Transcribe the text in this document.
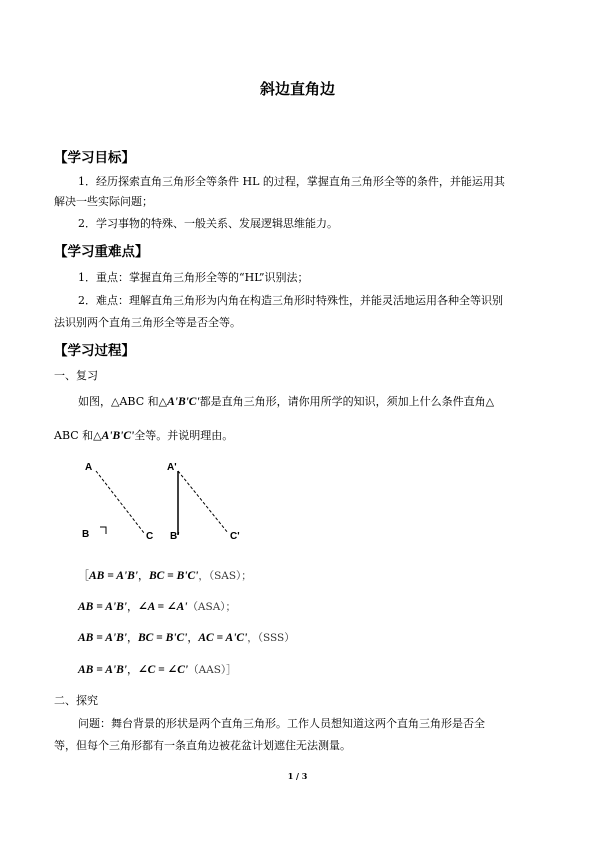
斜边直角边
【学习目标】
1．经历探索直角三角形全等条件 HL 的过程，掌握直角三角形全等的条件，并能运用其
解决一些实际问题；
2．学习事物的特殊、一般关系、发展逻辑思维能力。
【学习重难点】
1．重点：掌握直角三角形全等的“HL”识别法；
2．难点：理解直角三角形为内角在构造三角形时特殊性，并能灵活地运用各种全等识别
法识别两个直角三角形全等是否全等。
【学习过程】
一、复习
如图，△ABC 和△A'B'C'都是直角三角形，请你用所学的知识，须加上什么条件直角△
ABC 和△A'B'C'全等。并说明理由。
A
B	C
A'
B'	C'
［AB = A'B'，BC = B'C'，（SAS）；
AB = A'B'，∠A = ∠A'（ASA）；
AB = A'B'，BC = B'C'，AC = A'C'，（SSS）
AB = A'B'，∠C = ∠C'（AAS）］
二、探究
问题：舞台背景的形状是两个直角三角形。工作人员想知道这两个直角三角形是否全
等，但每个三角形都有一条直角边被花盆计划遮住无法测量。
1 / 3
